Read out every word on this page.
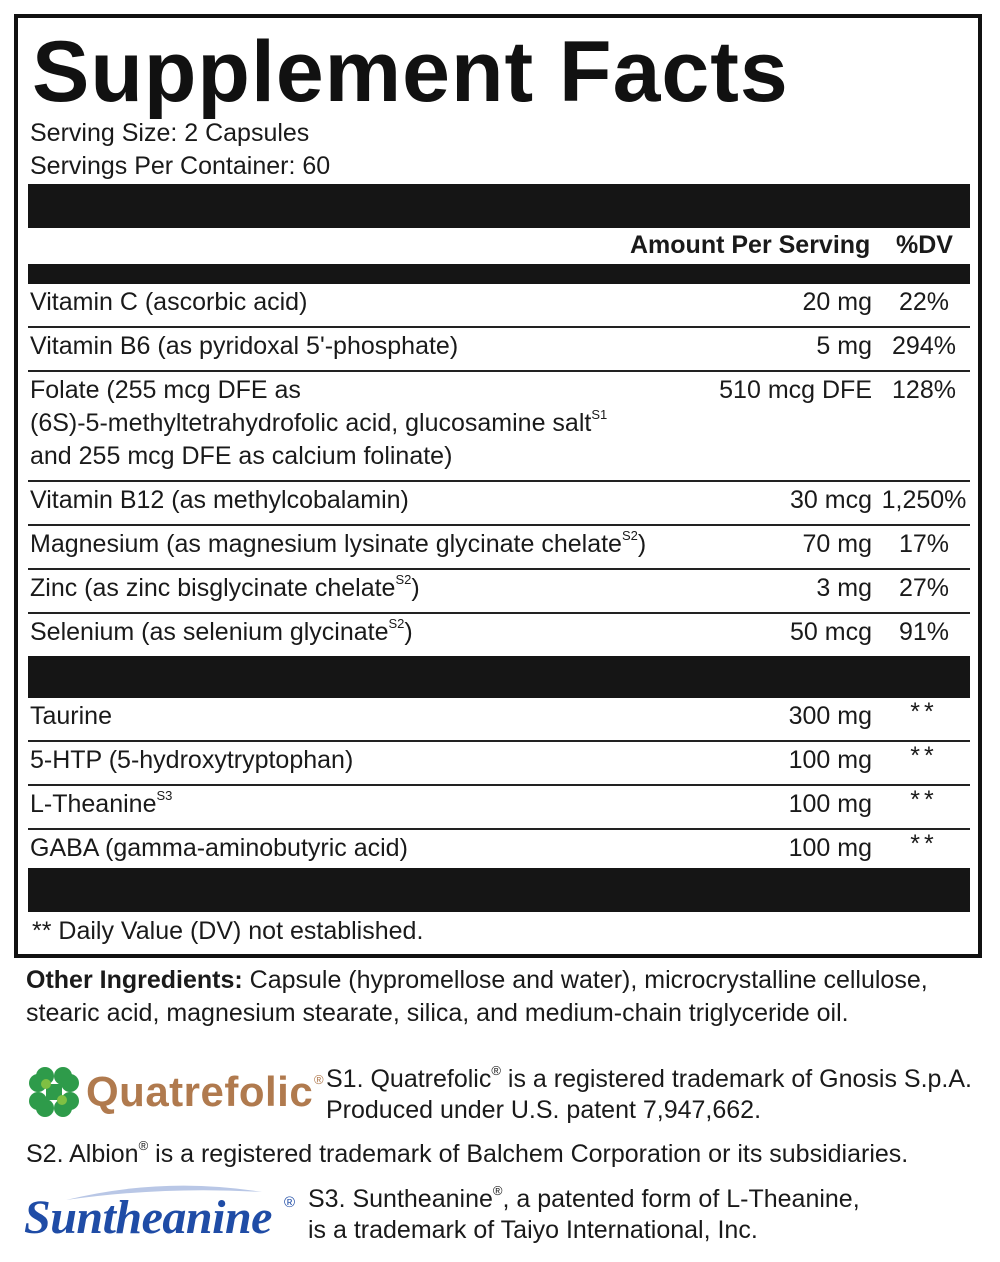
Supplement Facts
Serving Size: 2 Capsules
Servings Per Container: 60
Amount Per Serving %DV
Vitamin C (ascorbic acid)	20 mg	22%
Vitamin B6 (as pyridoxal 5'-phosphate)	5 mg 294%
Folate (255 mcg DFE as
(6S)-5-methyltetrahydrofolic acid, glucosamine salt$^{S1}$
and 255 mcg DFE as calcium folinate)
510 mcg DFE 128%
Vitamin B12 (as methylcobalamin)	30 mcg 1,250%
Magnesium (as magnesium lysinate glycinate chelate$^{S2}$)	70 mg	17%
Zinc (as zinc bisglycinate chelate$^{S2}$)	3 mg	27%
Selenium (as selenium glycinate$^{S2}$)	50 mcg	91%
Taurine	300 mg	**
5-HTP (5-hydroxytryptophan)	100 mg	**
L-Theanine$^{S3}$	100 mg	**
GABA (gamma-aminobutyric acid)	100 mg	**
** Daily Value (DV) not established.
Other Ingredients: Capsule (hypromellose and water), microcrystalline cellulose, stearic acid, magnesium stearate, silica, and medium-chain triglyceride oil.
Quatrefolic ® S1. Quatrefolic® is a registered trademark of Gnosis S.p.A.
Produced under U.S. patent 7,947,662.
S2. Albion® is a registered trademark of Balchem Corporation or its subsidiaries.
Suntheanine ® S3. Suntheanine®, a patented form of L-Theanine,
is a trademark of Taiyo International, Inc.
